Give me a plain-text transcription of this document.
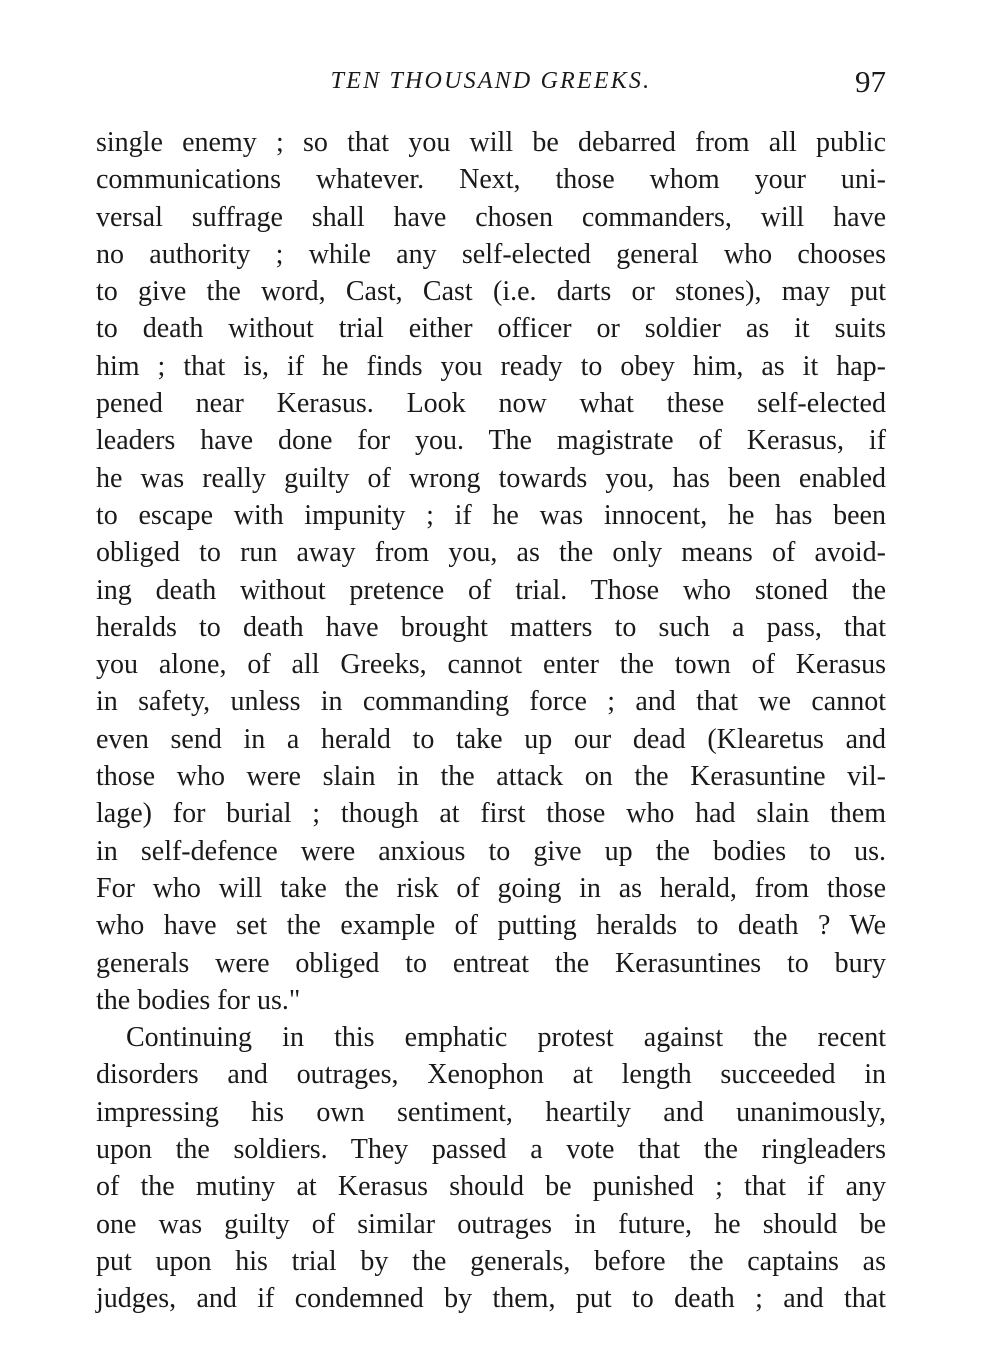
TEN THOUSAND GREEKS.	97
single enemy ; so that you will be debarred from all public
communications whatever. Next, those whom your uni-
versal suffrage shall have chosen commanders, will have
no authority ; while any self-elected general who chooses
to give the word, Cast, Cast (i.e. darts or stones), may put
to death without trial either officer or soldier as it suits
him ; that is, if he finds you ready to obey him, as it hap-
pened near Kerasus. Look now what these self-elected
leaders have done for you. The magistrate of Kerasus, if
he was really guilty of wrong towards you, has been enabled
to escape with impunity ; if he was innocent, he has been
obliged to run away from you, as the only means of avoid-
ing death without pretence of trial. Those who stoned the
heralds to death have brought matters to such a pass, that
you alone, of all Greeks, cannot enter the town of Kerasus
in safety, unless in commanding force ; and that we cannot
even send in a herald to take up our dead (Klearetus and
those who were slain in the attack on the Kerasuntine vil-
lage) for burial ; though at first those who had slain them
in self-defence were anxious to give up the bodies to us.
For who will take the risk of going in as herald, from those
who have set the example of putting heralds to death ? We
generals were obliged to entreat the Kerasuntines to bury
the bodies for us."
Continuing in this emphatic protest against the recent
disorders and outrages, Xenophon at length succeeded in
impressing his own sentiment, heartily and unanimously,
upon the soldiers. They passed a vote that the ringleaders
of the mutiny at Kerasus should be punished ; that if any
one was guilty of similar outrages in future, he should be
put upon his trial by the generals, before the captains as
judges, and if condemned by them, put to death ; and that
